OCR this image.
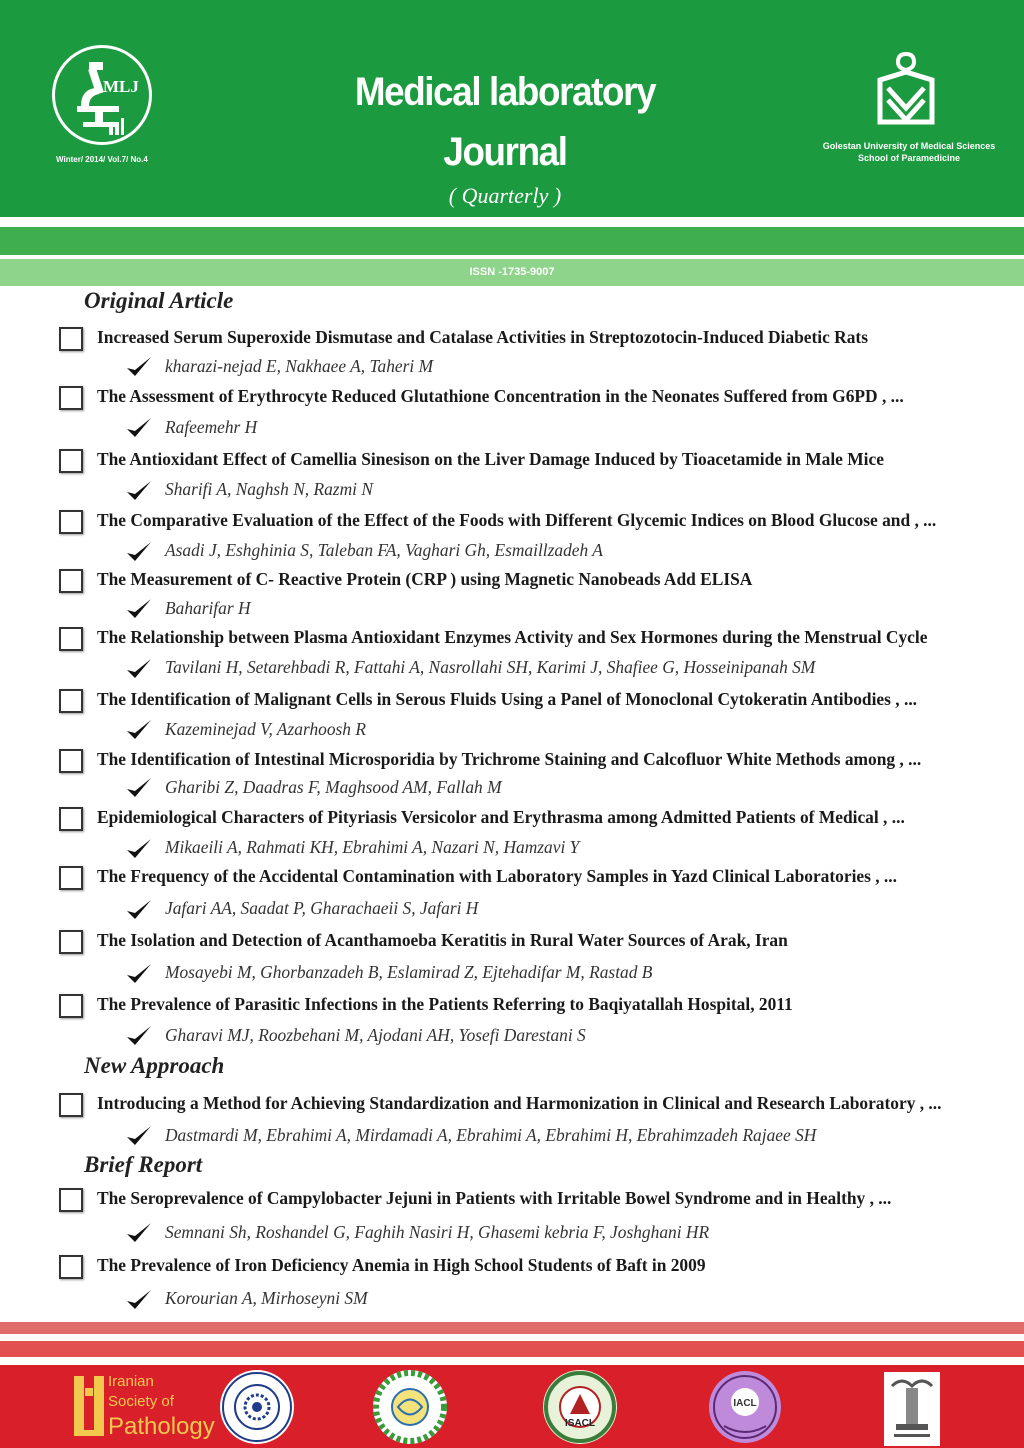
MLJ
Winter/ 2014/ Vol.7/ No.4
Medical laboratory
Journal
( Quarterly )
Golestan University of Medical Sciences
School of Paramedicine
ISSN -1735-9007
Original Article
New Approach
Brief Report
Increased Serum Superoxide Dismutase and Catalase Activities in Streptozotocin-Induced Diabetic Rats
kharazi-nejad E, Nakhaee A, Taheri M
The Assessment of Erythrocyte Reduced Glutathione Concentration in the Neonates Suffered from G6PD , ...
Rafeemehr H
The Antioxidant Effect of Camellia Sinesison on the Liver Damage Induced by Tioacetamide in Male Mice
Sharifi A, Naghsh N, Razmi N
The Comparative Evaluation of the Effect of the Foods with Different Glycemic Indices on Blood Glucose and , ...
Asadi J, Eshghinia S, Taleban FA, Vaghari Gh, Esmaillzadeh A
The Measurement of C- Reactive Protein (CRP ) using Magnetic Nanobeads Add ELISA
Baharifar H
The Relationship between Plasma Antioxidant Enzymes Activity and Sex Hormones during the Menstrual Cycle
Tavilani H, Setarehbadi R, Fattahi A, Nasrollahi SH, Karimi J, Shafiee G, Hosseinipanah SM
The Identification of Malignant Cells in Serous Fluids Using a Panel of Monoclonal Cytokeratin Antibodies , ...
Kazeminejad V, Azarhoosh R
The Identification of Intestinal Microsporidia by Trichrome Staining and Calcofluor White Methods among , ...
Gharibi Z, Daadras F, Maghsood AM, Fallah M
Epidemiological Characters of Pityriasis Versicolor and Erythrasma among Admitted Patients of Medical , ...
Mikaeili A, Rahmati KH, Ebrahimi A, Nazari N, Hamzavi Y
The Frequency of the Accidental Contamination with Laboratory Samples in Yazd Clinical Laboratories , ...
Jafari AA, Saadat P, Gharachaeii S, Jafari H
The Isolation and Detection of Acanthamoeba Keratitis in Rural Water Sources of Arak, Iran
Mosayebi M, Ghorbanzadeh B, Eslamirad Z, Ejtehadifar M, Rastad B
The Prevalence of Parasitic Infections in the Patients Referring to Baqiyatallah Hospital, 2011
Gharavi MJ, Roozbehani M, Ajodani AH, Yosefi Darestani S
Introducing a Method for Achieving Standardization and Harmonization in Clinical and Research Laboratory , ...
Dastmardi M, Ebrahimi A, Mirdamadi A, Ebrahimi A, Ebrahimi H, Ebrahimzadeh Rajaee SH
The Seroprevalence of Campylobacter Jejuni in Patients with Irritable Bowel Syndrome and in Healthy , ...
Semnani Sh, Roshandel G, Faghih Nasiri H, Ghasemi kebria F, Joshghani HR
The Prevalence of Iron Deficiency Anemia in High School Students of Baft in 2009
Korourian A, Mirhoseyni SM
Iranian
Society of
Pathology	ISACL
IACL
